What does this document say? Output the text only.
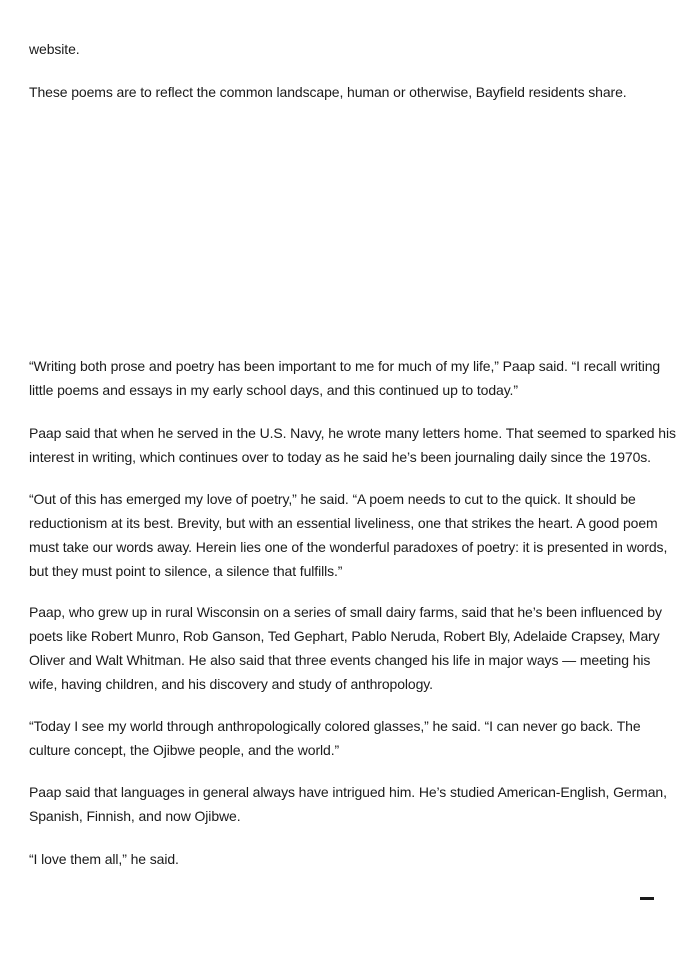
website.
These poems are to reflect the common landscape, human or otherwise, Bayfield residents share.
“Writing both prose and poetry has been important to me for much of my life,” Paap said. “I recall writing
little poems and essays in my early school days, and this continued up to today.”
Paap said that when he served in the U.S. Navy, he wrote many letters home. That seemed to sparked his
interest in writing, which continues over to today as he said he’s been journaling daily since the 1970s.
“Out of this has emerged my love of poetry,” he said. “A poem needs to cut to the quick. It should be
reductionism at its best. Brevity, but with an essential liveliness, one that strikes the heart. A good poem
must take our words away. Herein lies one of the wonderful paradoxes of poetry: it is presented in words,
but they must point to silence, a silence that fulfills.”
Paap, who grew up in rural Wisconsin on a series of small dairy farms, said that he’s been influenced by
poets like Robert Munro, Rob Ganson, Ted Gephart, Pablo Neruda, Robert Bly, Adelaide Crapsey, Mary
Oliver and Walt Whitman. He also said that three events changed his life in major ways — meeting his
wife, having children, and his discovery and study of anthropology.
“Today I see my world through anthropologically colored glasses,” he said. “I can never go back. The
culture concept, the Ojibwe people, and the world.”
Paap said that languages in general always have intrigued him. He’s studied American-English, German,
Spanish, Finnish, and now Ojibwe.
“I love them all,” he said.
